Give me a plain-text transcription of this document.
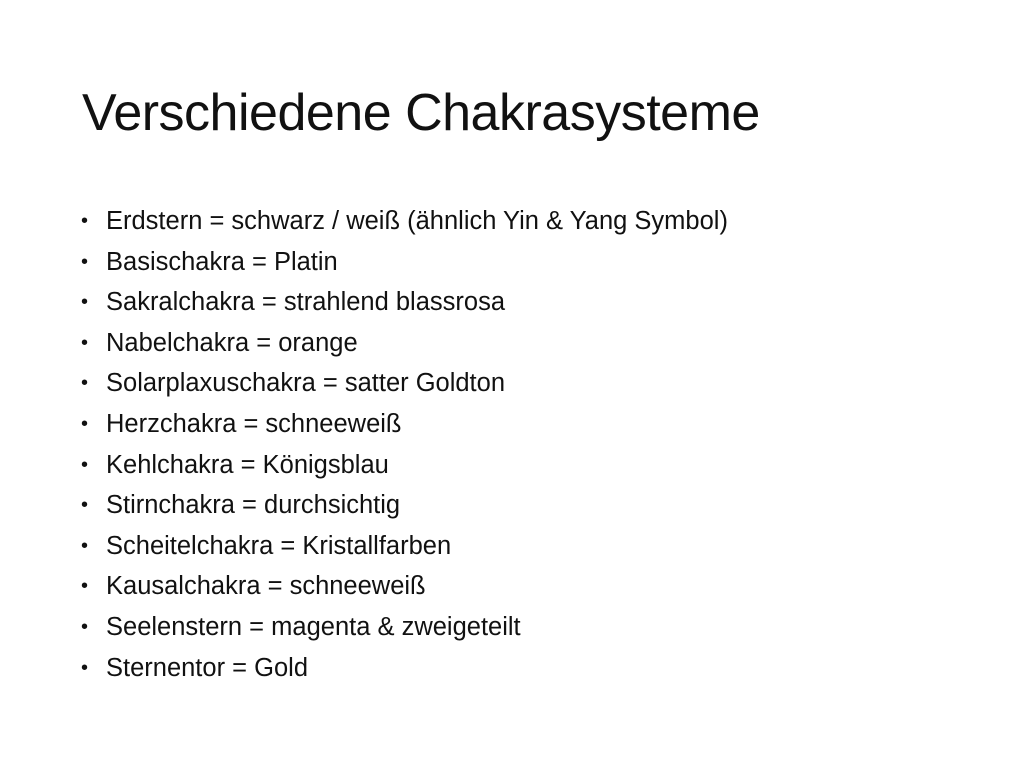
Verschiedene Chakrasysteme
• Erdstern = schwarz / weiß (ähnlich Yin & Yang Symbol)
• Basischakra = Platin
• Sakralchakra = strahlend blassrosa
• Nabelchakra = orange
• Solarplaxuschakra = satter Goldton
• Herzchakra = schneeweiß
• Kehlchakra = Königsblau
• Stirnchakra = durchsichtig
• Scheitelchakra = Kristallfarben
• Kausalchakra = schneeweiß
• Seelenstern = magenta & zweigeteilt
• Sternentor = Gold
